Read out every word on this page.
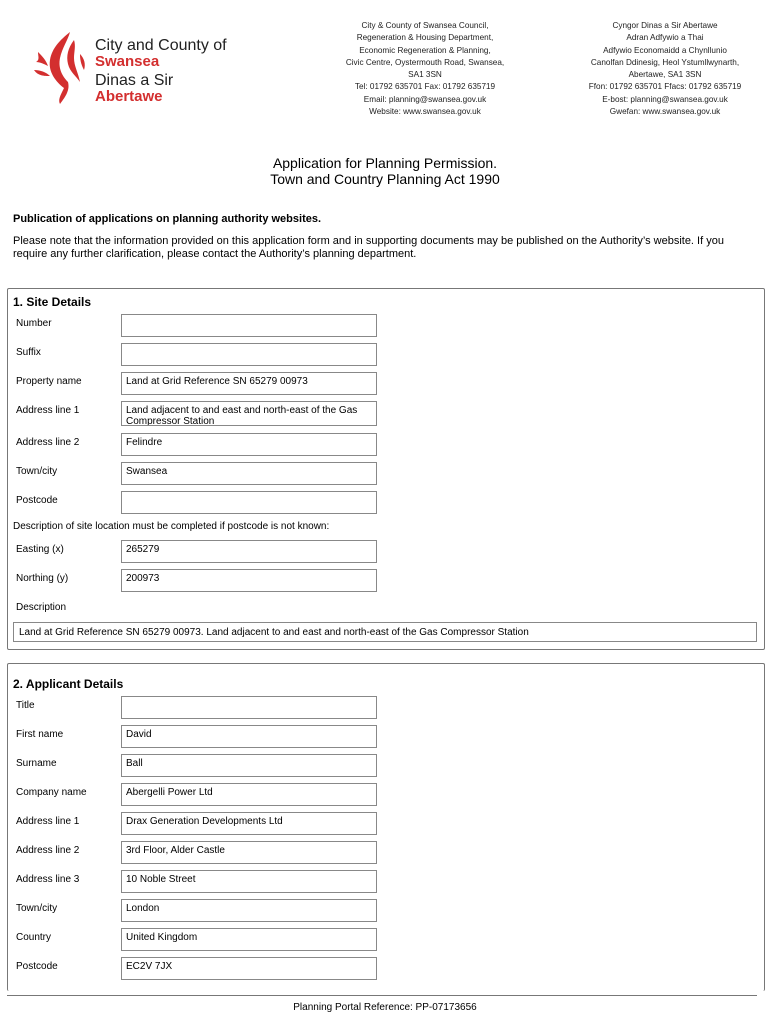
City and County of
Swansea
Dinas a Sir
Abertawe
City & County of Swansea Council,
Regeneration & Housing Department,
Economic Regeneration & Planning,
Civic Centre, Oystermouth Road, Swansea,
SA1 3SN
Tel: 01792 635701 Fax: 01792 635719
Email: planning@swansea.gov.uk
Website: www.swansea.gov.uk
Cyngor Dinas a Sir Abertawe
Adran Adfywio a Thai
Adfywio Economaidd a Chynllunio
Canolfan Ddinesig, Heol Ystumllwynarth,
Abertawe, SA1 3SN
Ffon: 01792 635701 Ffacs: 01792 635719
E-bost: planning@swansea.gov.uk
Gwefan: www.swansea.gov.uk
Application for Planning Permission.
Town and Country Planning Act 1990
Publication of applications on planning authority websites.
Please note that the information provided on this application form and in supporting documents may be published on the Authority’s website. If you require any further clarification, please contact the Authority’s planning department.
1. Site Details
Number
Suffix
Property name	Land at Grid Reference SN 65279 00973
Address line 1	Land adjacent to and east and north-east of the Gas Compressor Station
Address line 2	Felindre
Town/city	Swansea
Postcode
Description of site location must be completed if postcode is not known:
Easting (x)	265279
Northing (y)	200973
Description
Land at Grid Reference SN 65279 00973. Land adjacent to and east and north-east of the Gas Compressor Station
2. Applicant Details
Title
First name	David
Surname	Ball
Company name	Abergelli Power Ltd
Address line 1	Drax Generation Developments Ltd
Address line 2	3rd Floor, Alder Castle
Address line 3	10 Noble Street
Town/city	London
Country	United Kingdom
Postcode	EC2V 7JX
Planning Portal Reference: PP-07173656
